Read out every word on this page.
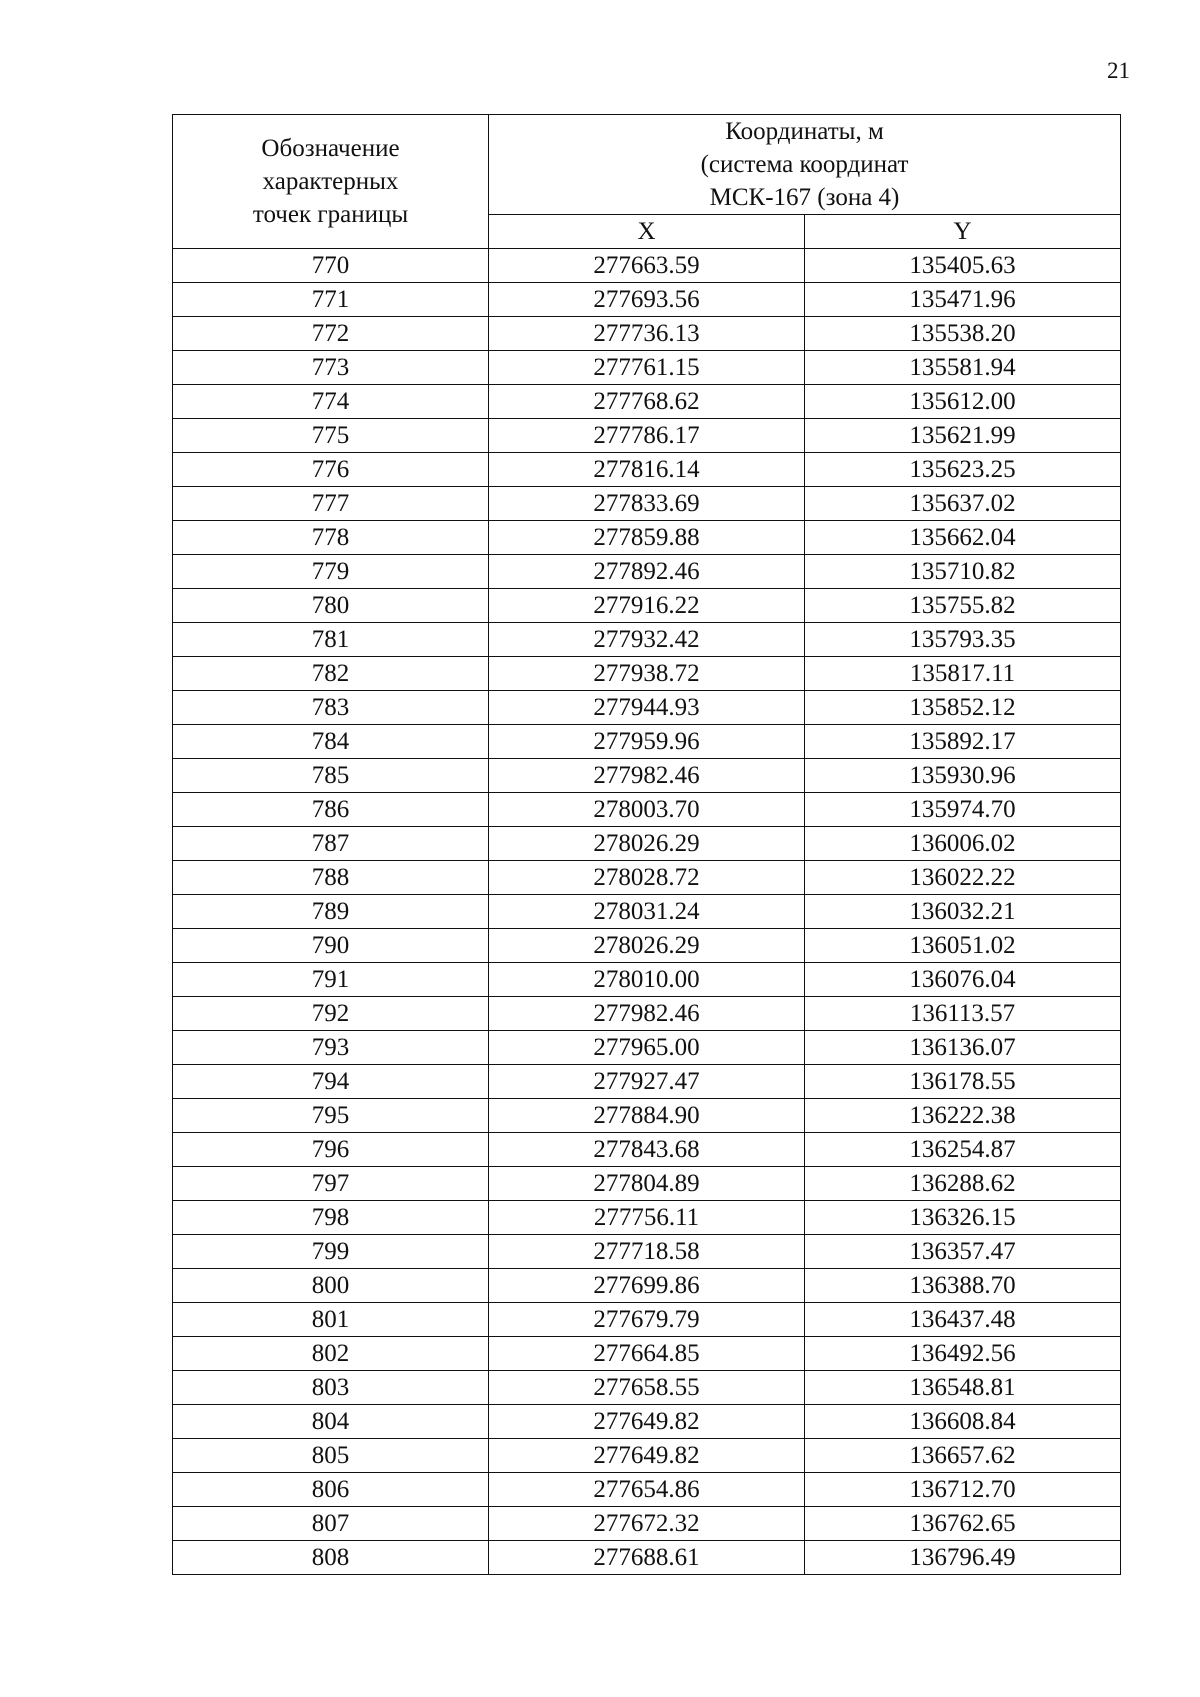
21
Обозначение
характерных
точек границы	Координаты, м
(система координат
МСК-167 (зона 4)	

	X	Y
770	277663.59	135405.63
771	277693.56	135471.96
772	277736.13	135538.20
773	277761.15	135581.94
774	277768.62	135612.00
775	277786.17	135621.99
776	277816.14	135623.25
777	277833.69	135637.02
778	277859.88	135662.04
779	277892.46	135710.82
780	277916.22	135755.82
781	277932.42	135793.35
782	277938.72	135817.11
783	277944.93	135852.12
784	277959.96	135892.17
785	277982.46	135930.96
786	278003.70	135974.70
787	278026.29	136006.02
788	278028.72	136022.22
789	278031.24	136032.21
790	278026.29	136051.02
791	278010.00	136076.04
792	277982.46	136113.57
793	277965.00	136136.07
794	277927.47	136178.55
795	277884.90	136222.38
796	277843.68	136254.87
797	277804.89	136288.62
798	277756.11	136326.15
799	277718.58	136357.47
800	277699.86	136388.70
801	277679.79	136437.48
802	277664.85	136492.56
803	277658.55	136548.81
804	277649.82	136608.84
805	277649.82	136657.62
806	277654.86	136712.70
807	277672.32	136762.65
808	277688.61	136796.49
